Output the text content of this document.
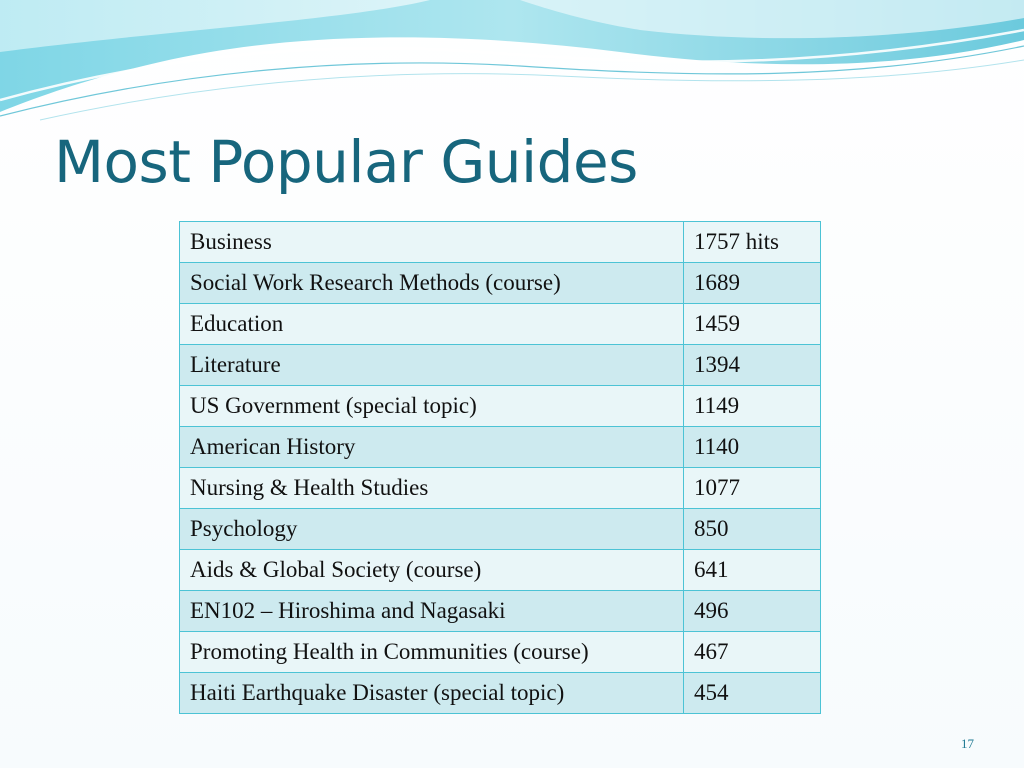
Most Popular Guides
Business	1757 hits
Social Work Research Methods (course)	1689
Education	1459
Literature	1394
US Government (special topic)	1149
American History	1140
Nursing & Health Studies	1077
Psychology	850
Aids & Global Society (course)	641
EN102 – Hiroshima and Nagasaki	496
Promoting Health in Communities (course)	467
Haiti Earthquake Disaster (special topic)	454
17
